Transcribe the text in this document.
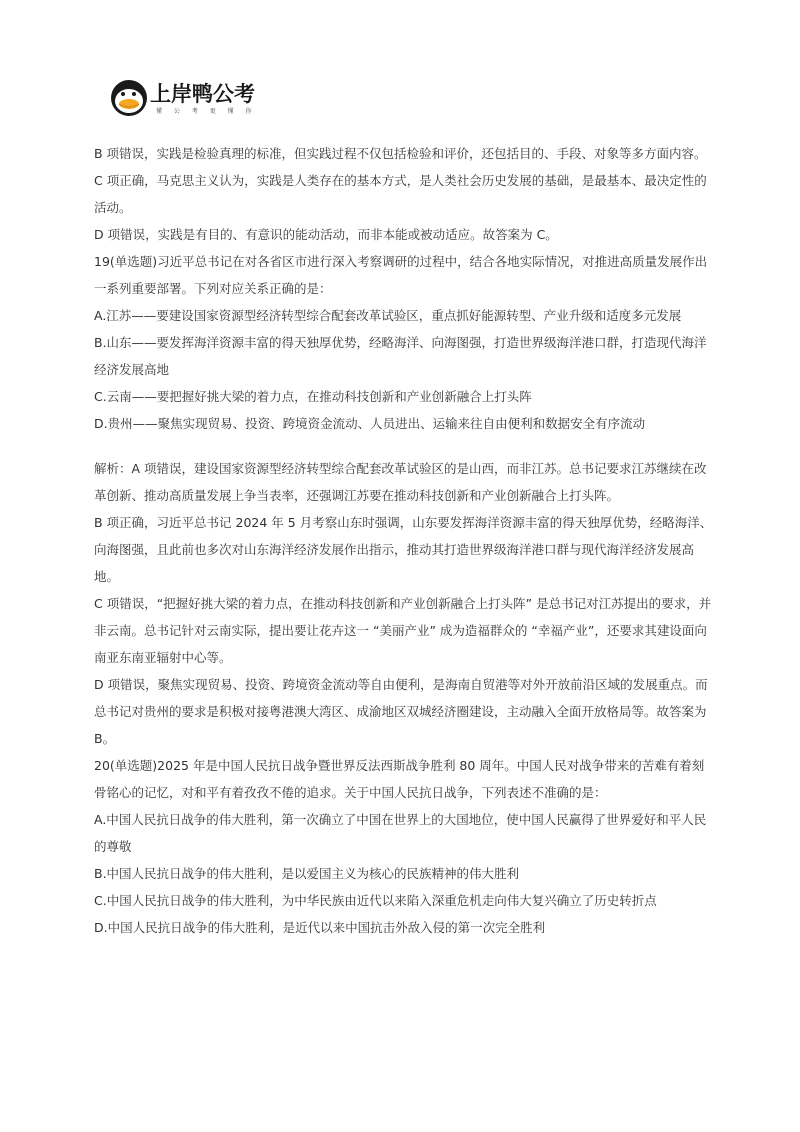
上岸鸭公考
懂 公 考 更 懂 你

B 项错误，实践是检验真理的标准，但实践过程不仅包括检验和评价，还包括目的、手段、对象等多方面内容。

C 项正确，马克思主义认为，实践是人类存在的基本方式，是人类社会历史发展的基础，是最基本、最决定性的活动。

D 项错误，实践是有目的、有意识的能动活动，而非本能或被动适应。故答案为 C。

19(单选题)习近平总书记在对各省区市进行深入考察调研的过程中，结合各地实际情况，对推进高质量发展作出一系列重要部署。下列对应关系正确的是：

A.江苏——要建设国家资源型经济转型综合配套改革试验区，重点抓好能源转型、产业升级和适度多元发展

B.山东——要发挥海洋资源丰富的得天独厚优势，经略海洋、向海图强，打造世界级海洋港口群，打造现代海洋经济发展高地

C.云南——要把握好挑大梁的着力点，在推动科技创新和产业创新融合上打头阵

D.贵州——聚焦实现贸易、投资、跨境资金流动、人员进出、运输来往自由便利和数据安全有序流动

解析：A 项错误，建设国家资源型经济转型综合配套改革试验区的是山西，而非江苏。总书记要求江苏继续在改革创新、推动高质量发展上争当表率，还强调江苏要在推动科技创新和产业创新融合上打头阵。

B 项正确，习近平总书记 2024 年 5 月考察山东时强调，山东要发挥海洋资源丰富的得天独厚优势，经略海洋、向海图强，且此前也多次对山东海洋经济发展作出指示，推动其打造世界级海洋港口群与现代海洋经济发展高地。

C 项错误，“把握好挑大梁的着力点，在推动科技创新和产业创新融合上打头阵” 是总书记对江苏提出的要求，并非云南。总书记针对云南实际，提出要让花卉这一 “美丽产业” 成为造福群众的 “幸福产业”，还要求其建设面向南亚东南亚辐射中心等。

D 项错误，聚焦实现贸易、投资、跨境资金流动等自由便利，是海南自贸港等对外开放前沿区域的发展重点。而总书记对贵州的要求是积极对接粤港澳大湾区、成渝地区双城经济圈建设，主动融入全面开放格局等。故答案为 B。

20(单选题)2025 年是中国人民抗日战争暨世界反法西斯战争胜利 80 周年。中国人民对战争带来的苦难有着刻骨铭心的记忆，对和平有着孜孜不倦的追求。关于中国人民抗日战争，下列表述不准确的是：

A.中国人民抗日战争的伟大胜利，第一次确立了中国在世界上的大国地位，使中国人民赢得了世界爱好和平人民的尊敬

B.中国人民抗日战争的伟大胜利，是以爱国主义为核心的民族精神的伟大胜利

C.中国人民抗日战争的伟大胜利，为中华民族由近代以来陷入深重危机走向伟大复兴确立了历史转折点

D.中国人民抗日战争的伟大胜利，是近代以来中国抗击外敌入侵的第一次完全胜利
